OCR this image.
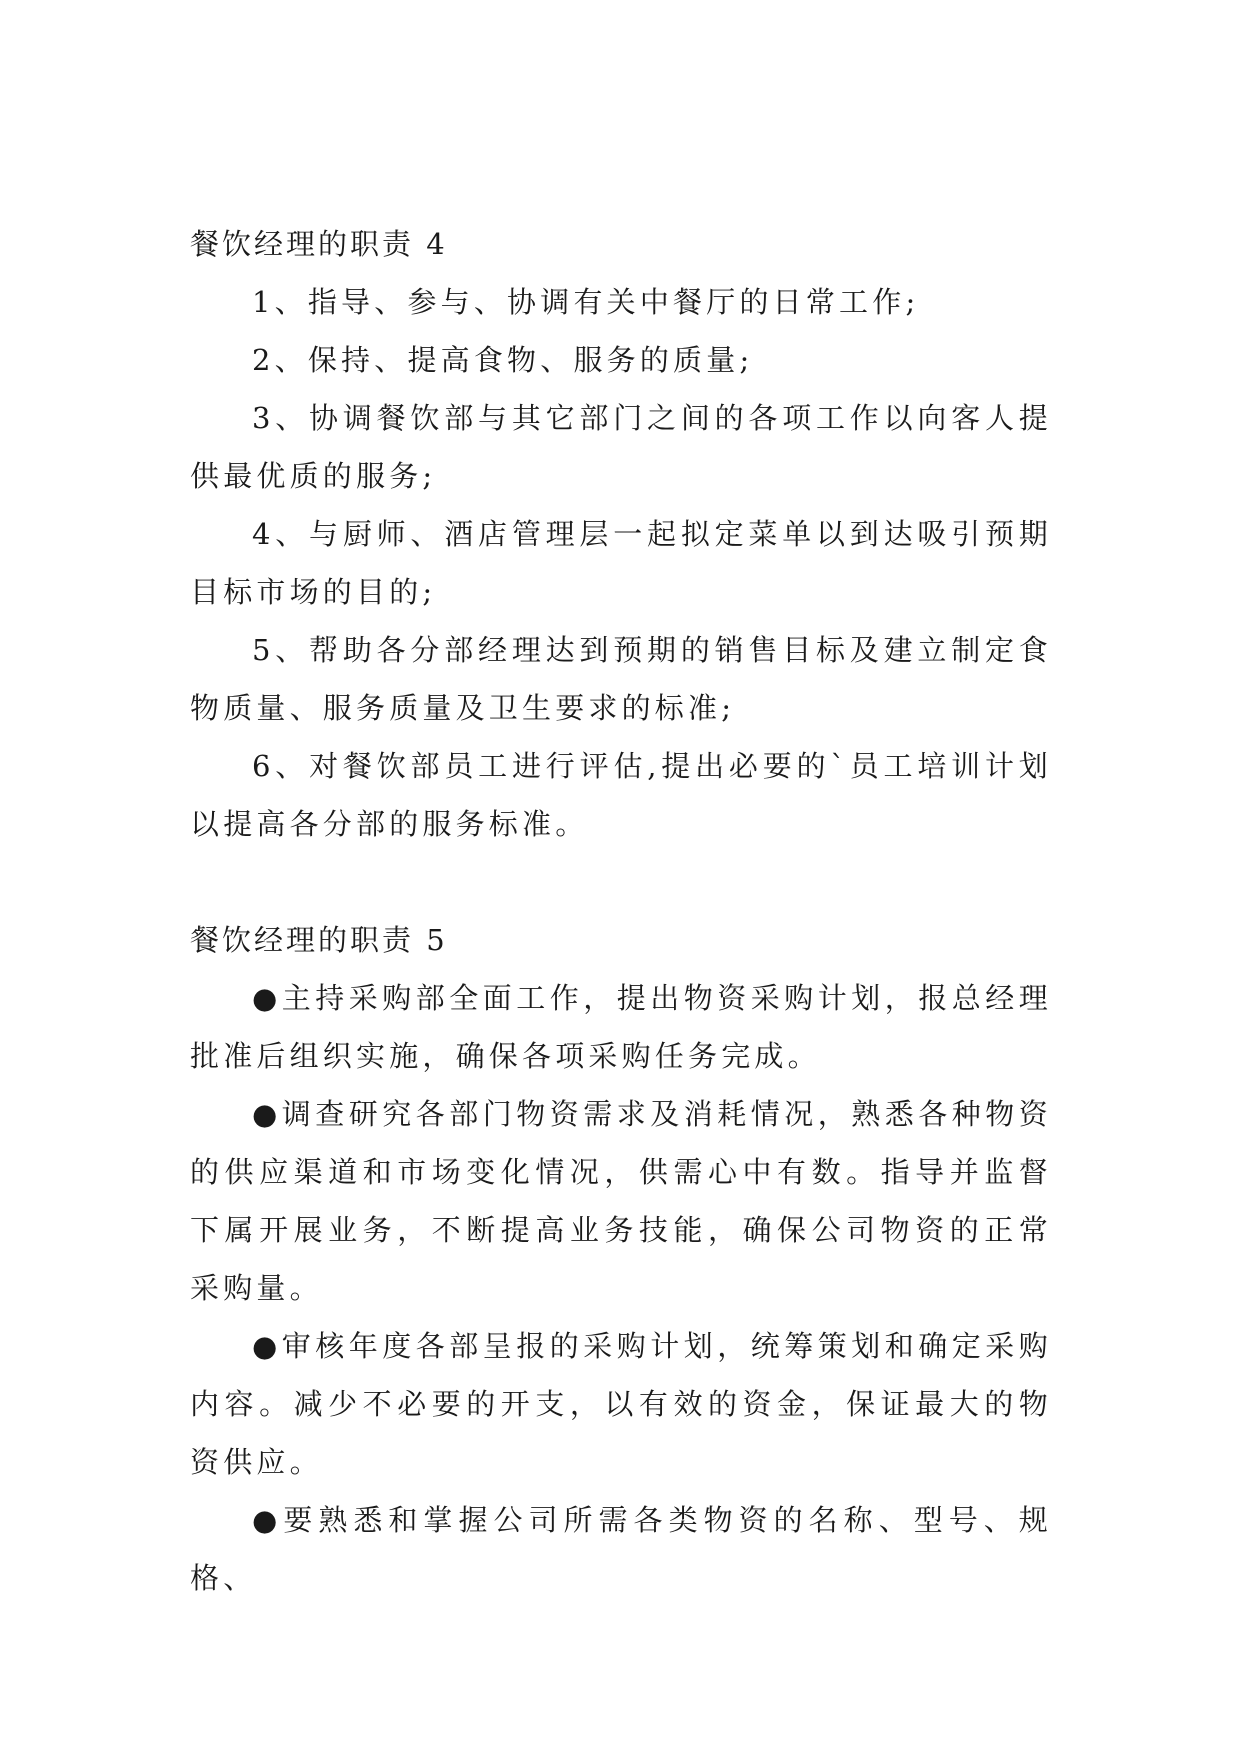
餐饮经理的职责 4

1、指导、参与、协调有关中餐厅的日常工作;

2、保持、提高食物、服务的质量;

3、协调餐饮部与其它部门之间的各项工作以向客人提供最优质的服务;

4、与厨师、酒店管理层一起拟定菜单以到达吸引预期目标市场的目的;

5、帮助各分部经理达到预期的销售目标及建立制定食物质量、服务质量及卫生要求的标准;

6、对餐饮部员工进行评估,提出必要的`员工培训计划以提高各分部的服务标准。

餐饮经理的职责 5

●主持采购部全面工作，提出物资采购计划，报总经理批准后组织实施，确保各项采购任务完成。

●调查研究各部门物资需求及消耗情况，熟悉各种物资的供应渠道和市场变化情况，供需心中有数。指导并监督下属开展业务，不断提高业务技能，确保公司物资的正常采购量。

●审核年度各部呈报的采购计划，统筹策划和确定采购内容。减少不必要的开支，以有效的资金，保证最大的物资供应。

●要熟悉和掌握公司所需各类物资的名称、型号、规格、
